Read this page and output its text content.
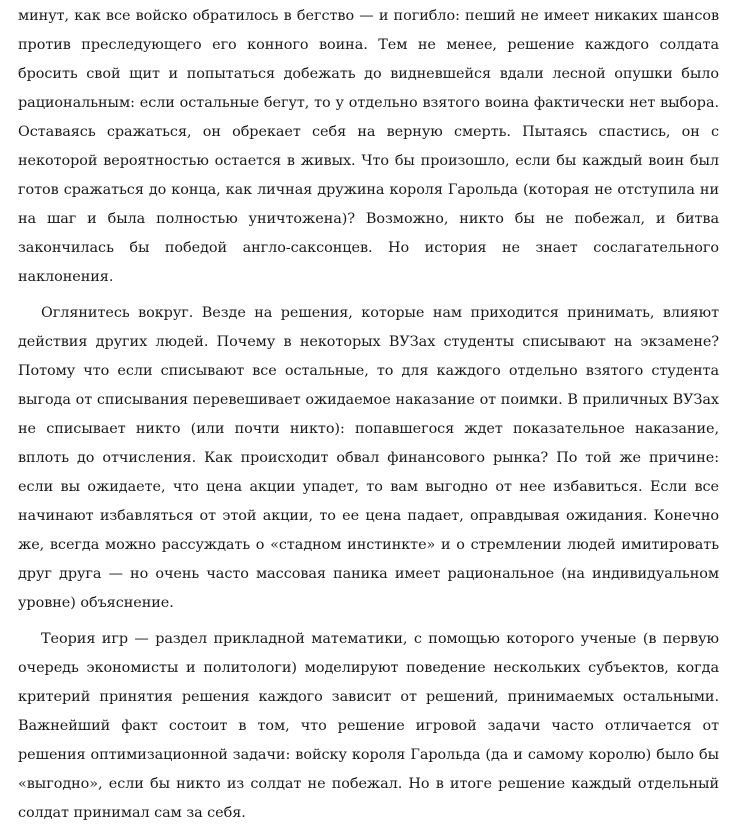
минут, как все войско обратилось в бегство — и погибло: пеший не имеет никаких шансов против преследующего его конного воина. Тем не менее, решение каждого солдата бросить свой щит и попытаться добежать до видневшейся вдали лесной опушки было рациональным: если остальные бегут, то у отдельно взятого воина фактически нет выбора. Оставаясь сражаться, он обрекает себя на верную смерть. Пытаясь спастись, он с некоторой вероятностью остается в живых. Что бы произошло, если бы каждый воин был готов сражаться до конца, как личная дружина короля Гарольда (которая не отступила ни на шаг и была полностью уничтожена)? Возможно, никто бы не побежал, и битва закончилась бы победой англо-саксонцев. Но история не знает сослагательного наклонения.

Оглянитесь вокруг. Везде на решения, которые нам приходится принимать, влияют действия других людей. Почему в некоторых ВУЗах студенты списывают на экзамене? Потому что если списывают все остальные, то для каждого отдельно взятого студента выгода от списывания перевешивает ожидаемое наказание от поимки. В приличных ВУЗах не списывает никто (или почти никто): попавшегося ждет показательное наказание, вплоть до отчисления. Как происходит обвал финансового рынка? По той же причине: если вы ожидаете, что цена акции упадет, то вам выгодно от нее избавиться. Если все начинают избавляться от этой акции, то ее цена падает, оправдывая ожидания. Конечно же, всегда можно рассуждать о «стадном инстинкте» и о стремлении людей имитировать друг друга — но очень часто массовая паника имеет рациональное (на индивидуальном уровне) объяснение.

Теория игр — раздел прикладной математики, с помощью которого ученые (в первую очередь экономисты и политологи) моделируют поведение нескольких субъектов, когда критерий принятия решения каждого зависит от решений, принимаемых остальными. Важнейший факт состоит в том, что решение игровой задачи часто отличается от решения оптимизационной задачи: войску короля Гарольда (да и самому королю) было бы «выгодно», если бы никто из солдат не побежал. Но в итоге решение каждый отдельный солдат принимал сам за себя.
